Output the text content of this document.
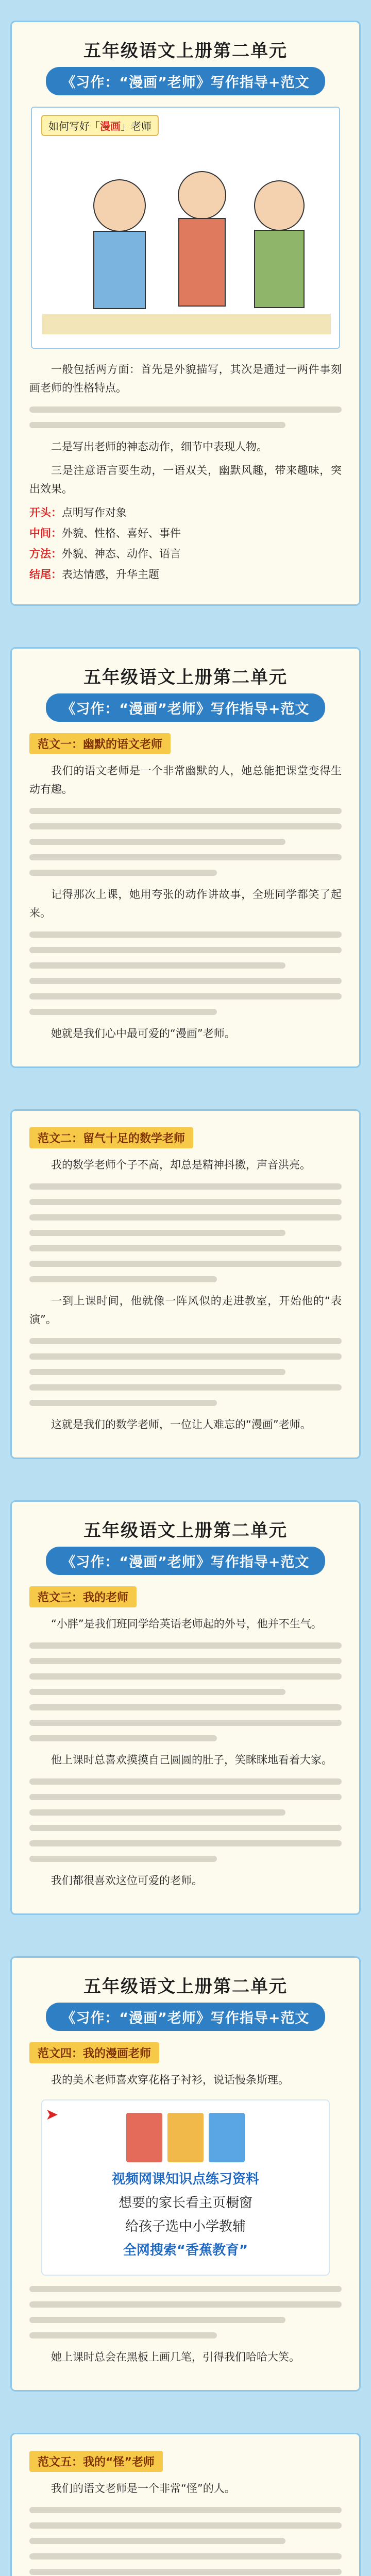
五年级语文上册第二单元
《习作：“漫画”老师》写作指导+范文
如何写好「漫画」老师

一般包括两方面：首先是外貌描写，其次是通过一两件事刻画老师的性格特点。

二是写出老师的神态动作，细节中表现人物。

三是注意语言要生动，一语双关，幽默风趣，带来趣味，突出效果。

开头：点明写作对象
中间：外貌、性格、喜好、事件
方法：外貌、神态、动作、语言
结尾：表达情感，升华主题
五年级语文上册第二单元
《习作：“漫画”老师》写作指导+范文
范文一：幽默的语文老师

我们的语文老师是一个非常幽默的人，她总能把课堂变得生动有趣。

记得那次上课，她用夸张的动作讲故事，全班同学都笑了起来。

她就是我们心中最可爱的“漫画”老师。

范文二：留气十足的数学老师

我的数学老师个子不高，却总是精神抖擞，声音洪亮。

一到上课时间，他就像一阵风似的走进教室，开始他的“表演”。

这就是我们的数学老师，一位让人难忘的“漫画”老师。

五年级语文上册第二单元
《习作：“漫画”老师》写作指导+范文
范文三：我的老师

“小胖”是我们班同学给英语老师起的外号，他并不生气。

他上课时总喜欢摸摸自己圆圆的肚子，笑眯眯地看着大家。

我们都很喜欢这位可爱的老师。

五年级语文上册第二单元
《习作：“漫画”老师》写作指导+范文
范文四：我的漫画老师

我的美术老师喜欢穿花格子衬衫，说话慢条斯理。

➤
视频网课知识点练习资料
想要的家长看主页橱窗
给孩子选中小学教辅
全网搜索“香蕉教育”

她上课时总会在黑板上画几笔，引得我们哈哈大笑。

范文五：我的“怪”老师

我们的语文老师是一个非常“怪”的人。
